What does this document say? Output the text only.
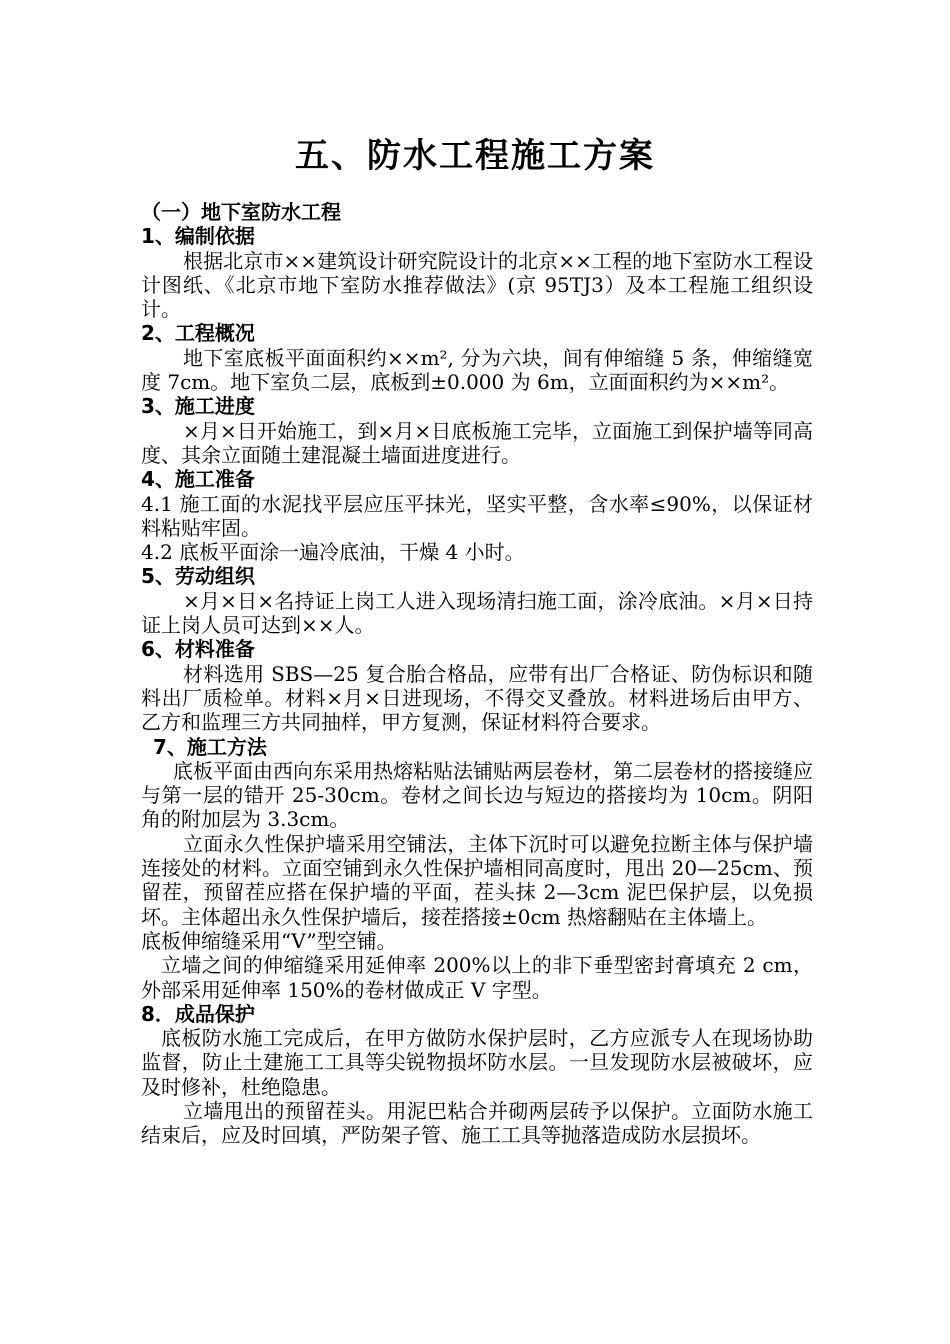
五、防水工程施工方案
（一）地下室防水工程
1、编制依据
根据北京市××建筑设计研究院设计的北京××工程的地下室防水工程设计图纸、《北京市地下室防水推荐做法》(京 95TJ3）及本工程施工组织设计。
2、工程概况
地下室底板平面面积约××m², 分为六块，间有伸缩缝 5 条，伸缩缝宽度 7cm。地下室负二层，底板到±0.000 为 6m，立面面积约为××m²。
3、施工进度
×月×日开始施工，到×月×日底板施工完毕，立面施工到保护墙等同高度、其余立面随土建混凝土墙面进度进行。
4、施工准备
4.1 施工面的水泥找平层应压平抹光，坚实平整，含水率≤90%，以保证材料粘贴牢固。
4.2 底板平面涂一遍冷底油，干燥 4 小时。
5、劳动组织
×月×日×名持证上岗工人进入现场清扫施工面，涂冷底油。×月×日持证上岗人员可达到××人。
6、材料准备
材料选用 SBS—25 复合胎合格品，应带有出厂合格证、防伪标识和随料出厂质检单。材料×月×日进现场，不得交叉叠放。材料进场后由甲方、乙方和监理三方共同抽样，甲方复测，保证材料符合要求。
7、施工方法
底板平面由西向东采用热熔粘贴法铺贴两层卷材，第二层卷材的搭接缝应与第一层的错开 25-30cm。卷材之间长边与短边的搭接均为 10cm。阴阳角的附加层为 3.3cm。
立面永久性保护墙采用空铺法，主体下沉时可以避免拉断主体与保护墙连接处的材料。立面空铺到永久性保护墙相同高度时，甩出 20—25cm、预留茬，预留茬应搭在保护墙的平面，茬头抹 2—3cm 泥巴保护层，以免损坏。主体超出永久性保护墙后，接茬搭接±0cm 热熔翻贴在主体墙上。
底板伸缩缝采用“V”型空铺。
立墙之间的伸缩缝采用延伸率 200%以上的非下垂型密封膏填充 2 cm，外部采用延伸率 150%的卷材做成正 V 字型。
8．成品保护
底板防水施工完成后，在甲方做防水保护层时，乙方应派专人在现场协助监督，防止土建施工工具等尖锐物损坏防水层。一旦发现防水层被破坏，应及时修补，杜绝隐患。
立墙甩出的预留茬头。用泥巴粘合并砌两层砖予以保护。立面防水施工结束后，应及时回填，严防架子管、施工工具等抛落造成防水层损坏。
